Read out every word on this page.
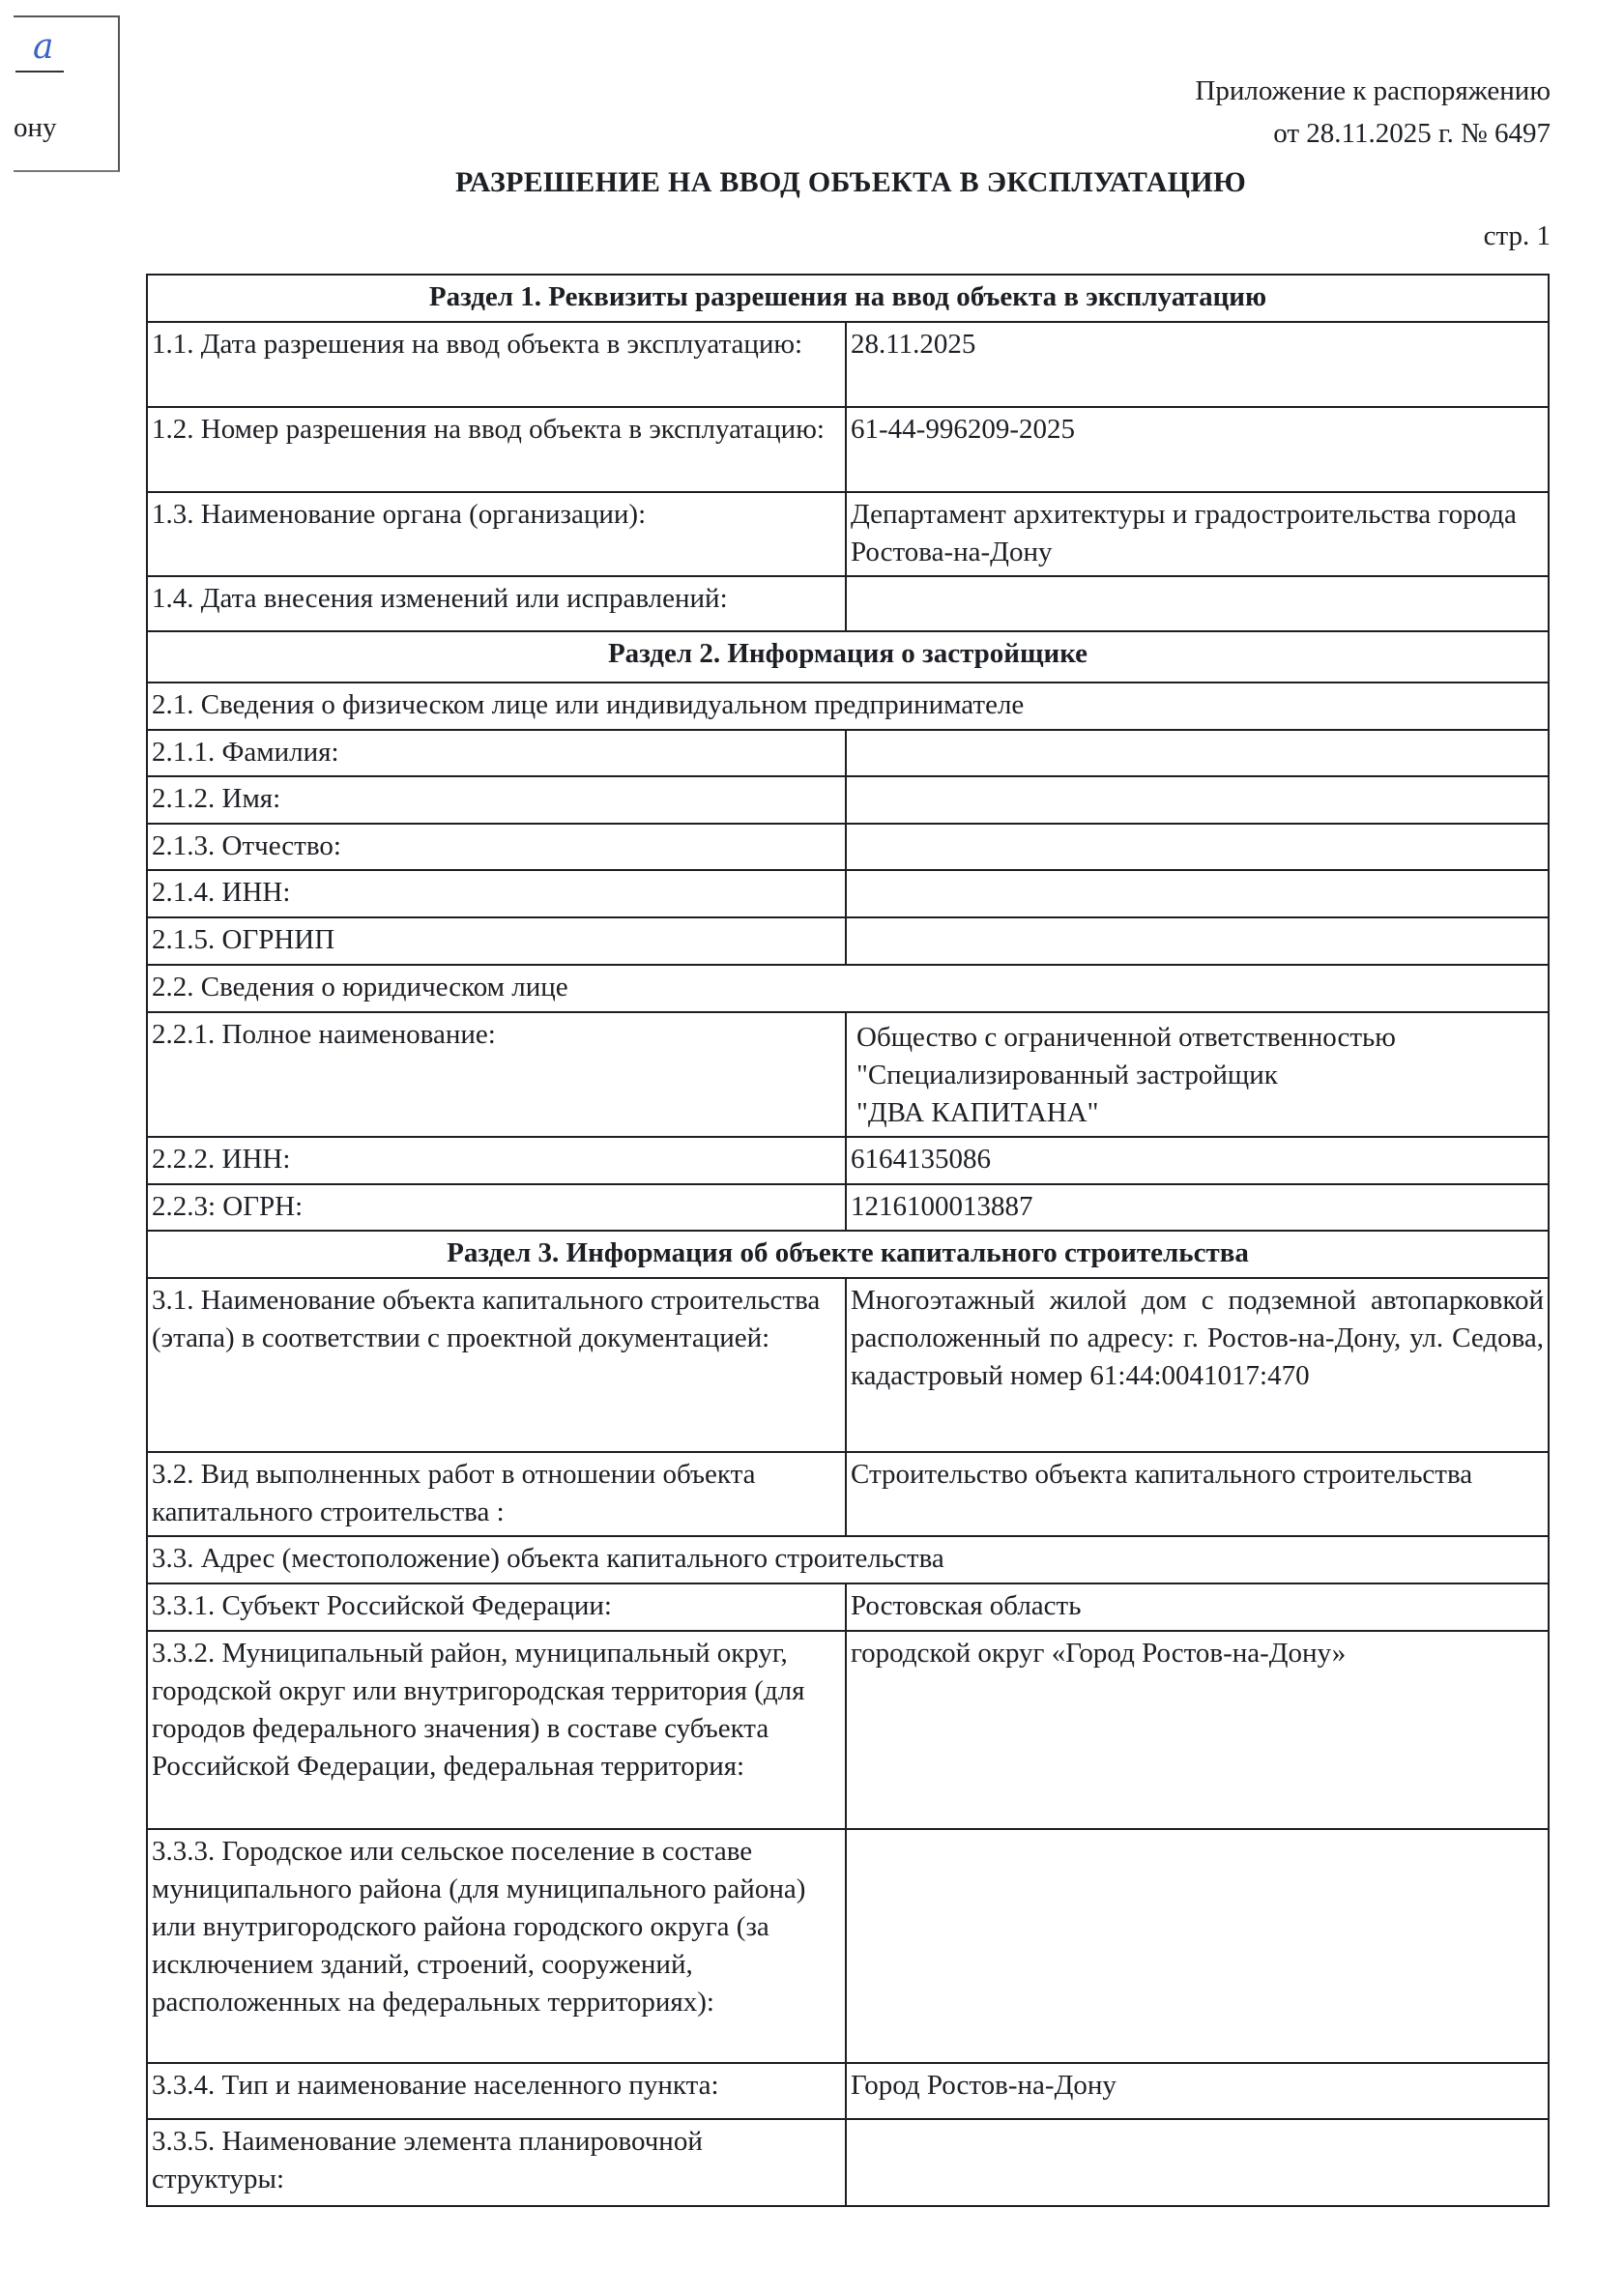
a
ону
Приложение к распоряжению
от 28.11.2025 г. № 6497
РАЗРЕШЕНИЕ НА ВВОД ОБЪЕКТА В ЭКСПЛУАТАЦИЮ
стр. 1
Раздел 1. Реквизиты разрешения на ввод объекта в эксплуатацию	
1.1. Дата разрешения на ввод объекта в эксплуатацию:	28.11.2025
1.2. Номер разрешения на ввод объекта в эксплуатацию:	61-44-996209-2025
1.3. Наименование органа (организации):	Департамент архитектуры и градостроительства города Ростова-на-Дону
1.4. Дата внесения изменений или исправлений:	
Раздел 2. Информация о застройщике	
2.1. Сведения о физическом лице или индивидуальном предпринимателе	
2.1.1. Фамилия:	
2.1.2. Имя:	
2.1.3. Отчество:	
2.1.4. ИНН:	
2.1.5. ОГРНИП	
2.2. Сведения о юридическом лице	
2.2.1. Полное наименование:	Общество с ограниченной ответственностью
"Специализированный застройщик
"ДВА КАПИТАНА"

2.2.2. ИНН:	6164135086
2.2.3: ОГРН:	1216100013887
Раздел 3. Информация об объекте капитального строительства	
3.1. Наименование объекта капитального строительства (этапа) в соответствии с проектной документацией:	Многоэтажный жилой дом с подземной автопарковкой расположенный по адресу: г. Ростов-на-Дону, ул. Седова, кадастровый номер 61:44:0041017:470
3.2. Вид выполненных работ в отношении объекта капитального строительства :	Строительство объекта капитального строительства
3.3. Адрес (местоположение) объекта капитального строительства	
3.3.1. Субъект Российской Федерации:	Ростовская область
3.3.2. Муниципальный район, муниципальный округ, городской округ или внутригородская территория (для городов федерального значения) в составе субъекта Российской Федерации, федеральная территория:	городской округ «Город Ростов-на-Дону»
3.3.3. Городское или сельское поселение в составе муниципального района (для муниципального района) или внутригородского района городского округа (за исключением зданий, строений, сооружений, расположенных на федеральных территориях):	
3.3.4. Тип и наименование населенного пункта:	Город Ростов-на-Дону
3.3.5. Наименование элемента планировочной структуры:	
